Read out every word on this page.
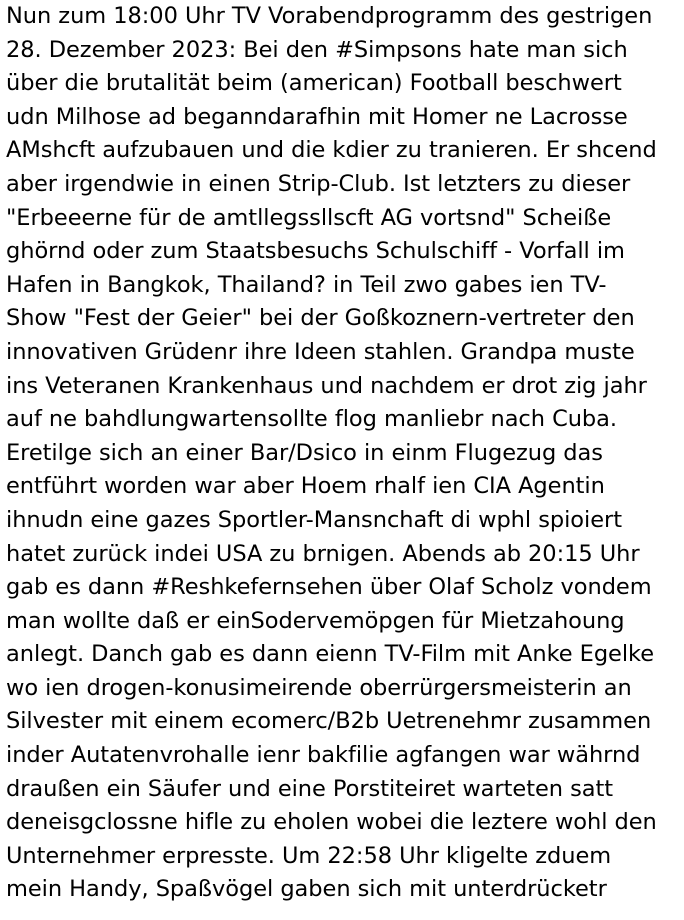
Nun zum 18:00 Uhr TV Vorabendprogramm des gestrigen
28. Dezember 2023: Bei den #Simpsons hate man sich
über die brutalität beim (american) Football beschwert
udn Milhose ad beganndarafhin mit Homer ne Lacrosse
AMshcft aufzubauen und die kdier zu tranieren. Er shcend
aber irgendwie in einen Strip-Club. Ist letzters zu dieser
"Erbeeerne für de amtllegssllscft AG vortsnd" Scheiße
ghörnd oder zum Staatsbesuchs Schulschiff - Vorfall im
Hafen in Bangkok, Thailand? in Teil zwo gabes ien TV-
Show "Fest der Geier" bei der Goßkoznern-vertreter den
innovativen Grüdenr ihre Ideen stahlen. Grandpa muste
ins Veteranen Krankenhaus und nachdem er drot zig jahr
auf ne bahdlungwartensollte flog manliebr nach Cuba.
Eretilge sich an einer Bar/Dsico in einm Flugezug das
entführt worden war aber Hoem rhalf ien CIA Agentin
ihnudn eine gazes Sportler-Mansnchaft di wphl spioiert
hatet zurück indei USA zu brnigen. Abends ab 20:15 Uhr
gab es dann #Reshkefernsehen über Olaf Scholz vondem
man wollte daß er einSodervemöpgen für Mietzahoung
anlegt. Danch gab es dann eienn TV-Film mit Anke Egelke
wo ien drogen-konusimeirende oberrürgersmeisterin an
Silvester mit einem ecomerc/B2b Uetrenehmr zusammen
inder Autatenvrohalle ienr bakfilie agfangen war währnd
draußen ein Säufer und eine Porstiteiret warteten satt
deneisgclossne hifle zu eholen wobei die leztere wohl den
Unternehmer erpresste. Um 22:58 Uhr kligelte zduem
mein Handy, Spaßvögel gaben sich mit unterdrücketr
